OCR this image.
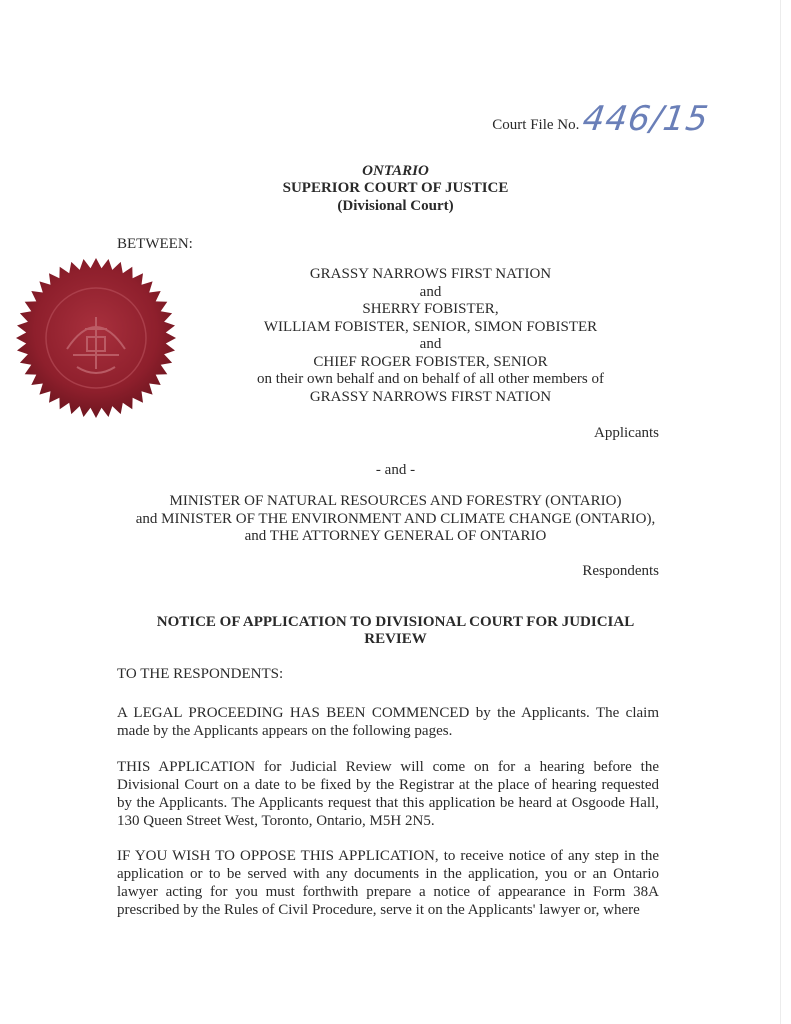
Court File No. 446/15
ONTARIO
SUPERIOR COURT OF JUSTICE
(Divisional Court)
BETWEEN:
GRASSY NARROWS FIRST NATION
and
SHERRY FOBISTER,
WILLIAM FOBISTER, SENIOR, SIMON FOBISTER
and
CHIEF ROGER FOBISTER, SENIOR
on their own behalf and on behalf of all other members of
GRASSY NARROWS FIRST NATION
Applicants
- and -
MINISTER OF NATURAL RESOURCES AND FORESTRY (ONTARIO)
and MINISTER OF THE ENVIRONMENT AND CLIMATE CHANGE (ONTARIO),
and THE ATTORNEY GENERAL OF ONTARIO
Respondents
NOTICE OF APPLICATION TO DIVISIONAL COURT FOR JUDICIAL
REVIEW
TO THE RESPONDENTS:
A LEGAL PROCEEDING HAS BEEN COMMENCED by the Applicants. The claim made by the Applicants appears on the following pages.
THIS APPLICATION for Judicial Review will come on for a hearing before the Divisional Court on a date to be fixed by the Registrar at the place of hearing requested by the Applicants. The Applicants request that this application be heard at Osgoode Hall, 130 Queen Street West, Toronto, Ontario, M5H 2N5.
IF YOU WISH TO OPPOSE THIS APPLICATION, to receive notice of any step in the application or to be served with any documents in the application, you or an Ontario lawyer acting for you must forthwith prepare a notice of appearance in Form 38A prescribed by the Rules of Civil Procedure, serve it on the Applicants' lawyer or, where
